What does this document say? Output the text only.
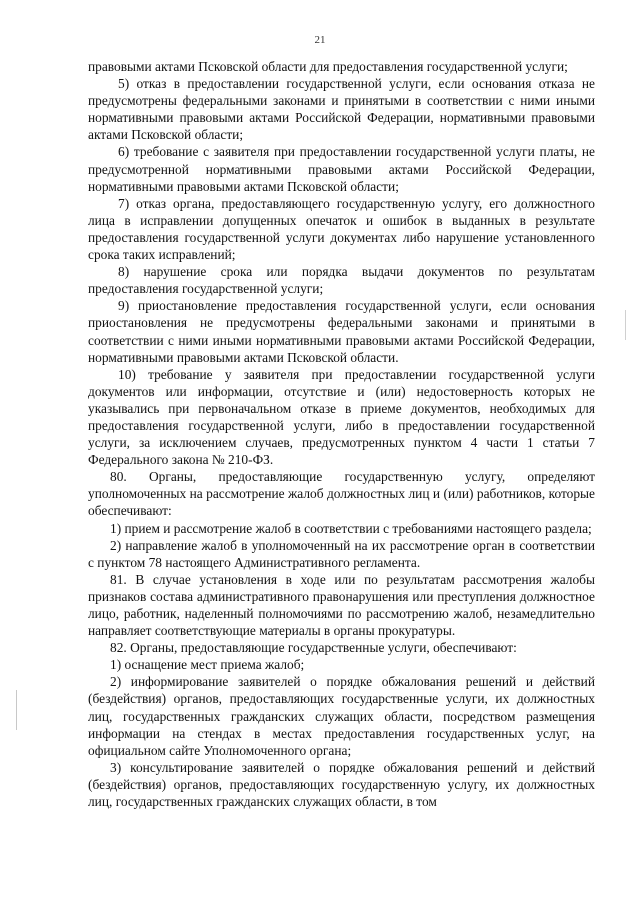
21

правовыми актами Псковской области для предоставления государственной услуги;

5) отказ в предоставлении государственной услуги, если основания отказа не предусмотрены федеральными законами и принятыми в соответствии с ними иными нормативными правовыми актами Российской Федерации, нормативными правовыми актами Псковской области;

6) требование с заявителя при предоставлении государственной услуги платы, не предусмотренной нормативными правовыми актами Российской Федерации, нормативными правовыми актами Псковской области;

7) отказ органа, предоставляющего государственную услугу, его должностного лица в исправлении допущенных опечаток и ошибок в выданных в результате предоставления государственной услуги документах либо нарушение установленного срока таких исправлений;

8) нарушение срока или порядка выдачи документов по результатам предоставления государственной услуги;

9) приостановление предоставления государственной услуги, если основания приостановления не предусмотрены федеральными законами и принятыми в соответствии с ними иными нормативными правовыми актами Российской Федерации, нормативными правовыми актами Псковской области.

10) требование у заявителя при предоставлении государственной услуги документов или информации, отсутствие и (или) недостоверность которых не указывались при первоначальном отказе в приеме документов, необходимых для предоставления государственной услуги, либо в предоставлении государственной услуги, за исключением случаев, предусмотренных пунктом 4 части 1 статьи 7 Федерального закона № 210-ФЗ.

80. Органы, предоставляющие государственную услугу, определяют уполномоченных на рассмотрение жалоб должностных лиц и (или) работников, которые обеспечивают:

1) прием и рассмотрение жалоб в соответствии с требованиями настоящего раздела;

2) направление жалоб в уполномоченный на их рассмотрение орган в соответствии с пунктом 78 настоящего Административного регламента.

81. В случае установления в ходе или по результатам рассмотрения жалобы признаков состава административного правонарушения или преступления должностное лицо, работник, наделенный полномочиями по рассмотрению жалоб, незамедлительно направляет соответствующие материалы в органы прокуратуры.

82. Органы, предоставляющие государственные услуги, обеспечивают:

1) оснащение мест приема жалоб;

2) информирование заявителей о порядке обжалования решений и действий (бездействия) органов, предоставляющих государственные услуги, их должностных лиц, государственных гражданских служащих области, посредством размещения информации на стендах в местах предоставления государственных услуг, на официальном сайте Уполномоченного органа;

3) консультирование заявителей о порядке обжалования решений и действий (бездействия) органов, предоставляющих государственную услугу, их должностных лиц, государственных гражданских служащих области, в том
